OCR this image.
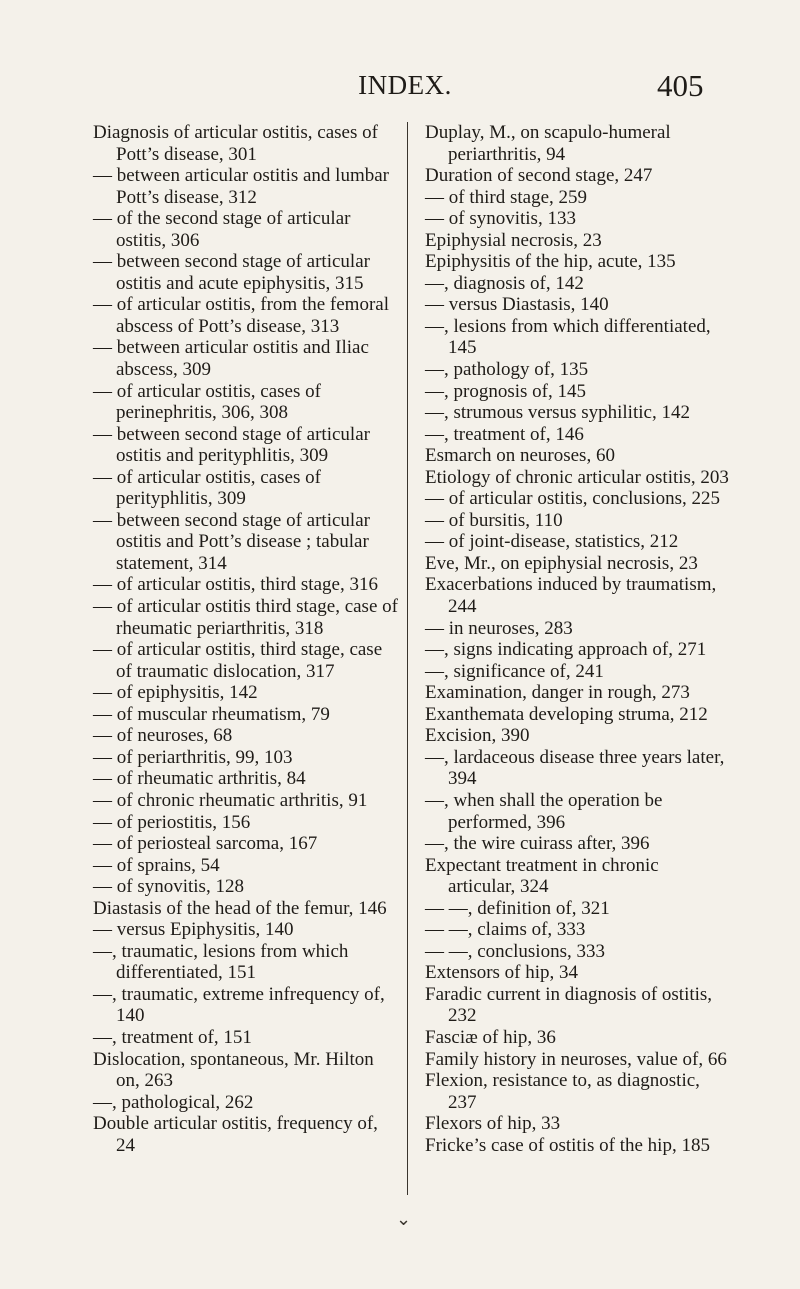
INDEX.	405
Diagnosis of articular ostitis, cases of Pott’s disease, 301
— between articular ostitis and lumbar Pott’s disease, 312
— of the second stage of articular ostitis, 306
— between second stage of articular ostitis and acute epiphysitis, 315
— of articular ostitis, from the femoral abscess of Pott’s disease, 313
— between articular ostitis and Iliac abscess, 309
— of articular ostitis, cases of perinephritis, 306, 308
— between second stage of articular ostitis and perityphlitis, 309
— of articular ostitis, cases of perityphlitis, 309
— between second stage of articular ostitis and Pott’s disease ; tabular statement, 314
— of articular ostitis, third stage, 316
— of articular ostitis third stage, case of rheumatic periarthritis, 318
— of articular ostitis, third stage, case of traumatic dislocation, 317
— of epiphysitis, 142
— of muscular rheumatism, 79
— of neuroses, 68
— of periarthritis, 99, 103
— of rheumatic arthritis, 84
— of chronic rheumatic arthritis, 91
— of periostitis, 156
— of periosteal sarcoma, 167
— of sprains, 54
— of synovitis, 128
Diastasis of the head of the femur, 146
— versus Epiphysitis, 140
—, traumatic, lesions from which differentiated, 151
—, traumatic, extreme infrequency of, 140
—, treatment of, 151
Dislocation, spontaneous, Mr. Hilton on, 263
—, pathological, 262
Double articular ostitis, frequency of, 24
Duplay, M., on scapulo-humeral periarthritis, 94
Duration of second stage, 247
— of third stage, 259
— of synovitis, 133
Epiphysial necrosis, 23
Epiphysitis of the hip, acute, 135
—, diagnosis of, 142
— versus Diastasis, 140
—, lesions from which differentiated, 145
—, pathology of, 135
—, prognosis of, 145
—, strumous versus syphilitic, 142
—, treatment of, 146
Esmarch on neuroses, 60
Etiology of chronic articular ostitis, 203
— of articular ostitis, conclusions, 225
— of bursitis, 110
— of joint-disease, statistics, 212
Eve, Mr., on epiphysial necrosis, 23
Exacerbations induced by traumatism, 244
— in neuroses, 283
—, signs indicating approach of, 271
—, significance of, 241
Examination, danger in rough, 273
Exanthemata developing struma, 212
Excision, 390
—, lardaceous disease three years later, 394
—, when shall the operation be performed, 396
—, the wire cuirass after, 396
Expectant treatment in chronic articular, 324
— —, definition of, 321
— —, claims of, 333
— —, conclusions, 333
Extensors of hip, 34
Faradic current in diagnosis of ostitis, 232
Fasciæ of hip, 36
Family history in neuroses, value of, 66
Flexion, resistance to, as diagnostic, 237
Flexors of hip, 33
Fricke’s case of ostitis of the hip, 185
⌄
